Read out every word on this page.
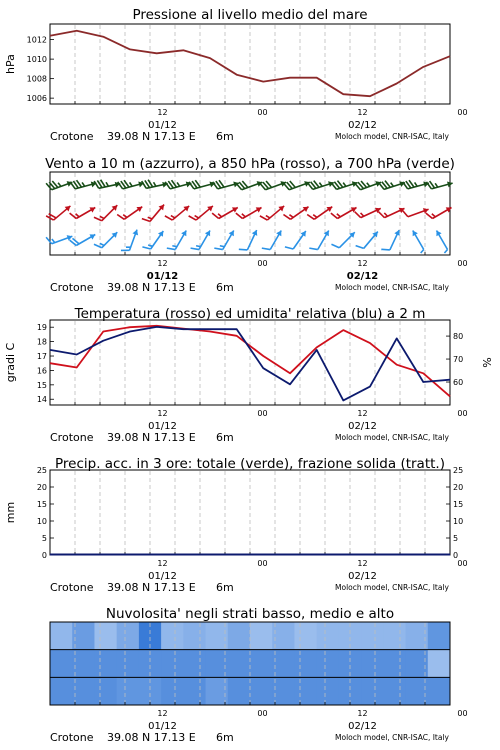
Pressione al livello medio del mare
1006
1008
1010
1012
hPa
12	00	12	00
01/12	02/12
Crotone 39.08 N 17.13 E 6m	Moloch model, CNR-ISAC, Italy
Vento a 10 m (azzurro), a 850 hPa (rosso), a 700 hPa (verde)
12	00	12	00
01/12	02/12
Crotone 39.08 N 17.13 E 6m	Moloch model, CNR-ISAC, Italy
Temperatura (rosso) ed umidita' relativa (blu) a 2 m
14
15
16
17
18
19
60
70
80
gradi C	%
12	00	12	00
01/12	02/12
Crotone 39.08 N 17.13 E 6m	Moloch model, CNR-ISAC, Italy
Precip. acc. in 3 ore: totale (verde), frazione solida (tratt.)
0
5
10
15
20
25
0
5
10
15
20
25
mm
12	00	12	00
01/12	02/12
Crotone 39.08 N 17.13 E 6m	Moloch model, CNR-ISAC, Italy
Nuvolosita' negli strati basso, medio e alto
12	00	12	00
01/12	02/12
Crotone 39.08 N 17.13 E 6m	Moloch model, CNR-ISAC, Italy
